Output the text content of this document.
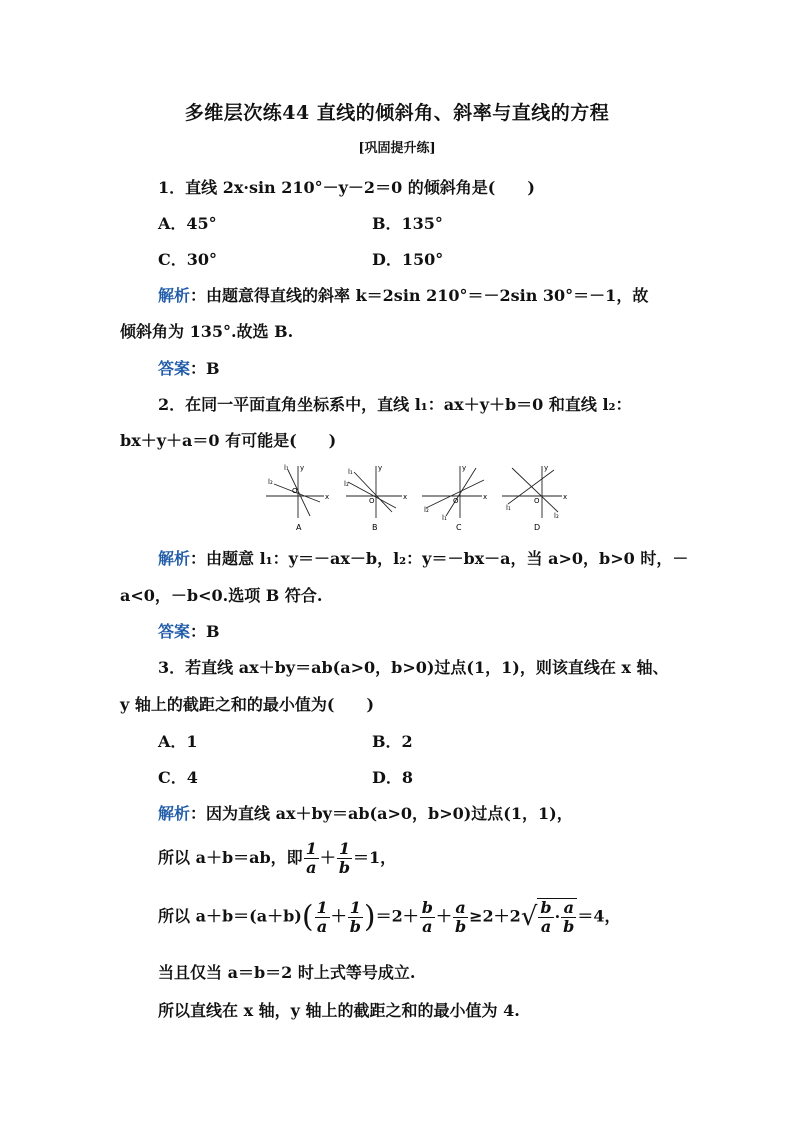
多维层次练44 直线的倾斜角、斜率与直线的方程
[巩固提升练]
1．直线 2x·sin 210°－y－2＝0 的倾斜角是(　　)
A．45°	B．135°
C．30°	D．150°
解析：由题意得直线的斜率 k＝2sin 210°＝－2sin 30°＝－1，故
倾斜角为 135°.故选 B.
答案：B
2．在同一平面直角坐标系中，直线 l₁：ax＋y＋b＝0 和直线 l₂：
bx＋y＋a＝0 有可能是(　　)
x
y
O
l₁
l₂
A
x
y
O
l₁
l₂
B
x
y
O
l₁
l₂
C
x
y
O
l₁
l₂
D
解析：由题意 l₁：y＝－ax－b，l₂：y＝－bx－a，当 a>0，b>0 时，－
a<0，－b<0.选项 B 符合.
答案：B
3．若直线 ax＋by＝ab(a>0，b>0)过点(1，1)，则该直线在 x 轴、
y 轴上的截距之和的最小值为(　　)
A．1	B．2
C．4	D．8
解析：因为直线 ax＋by＝ab(a>0，b>0)过点(1，1)，
所以 a＋b＝ab，即 $\frac{1}{a} + \frac{1}{b} =1$，
所以 $a+b=(a+b)( \frac{1}{a} + \frac{1}{b} )=2+ \frac{b}{a} + \frac{a}{b} \ge 2+2√ \frac{b}{a} \cdot \frac{a}{b} =4$，
当且仅当 a＝b＝2 时上式等号成立.
所以直线在 x 轴，y 轴上的截距之和的最小值为 4.
